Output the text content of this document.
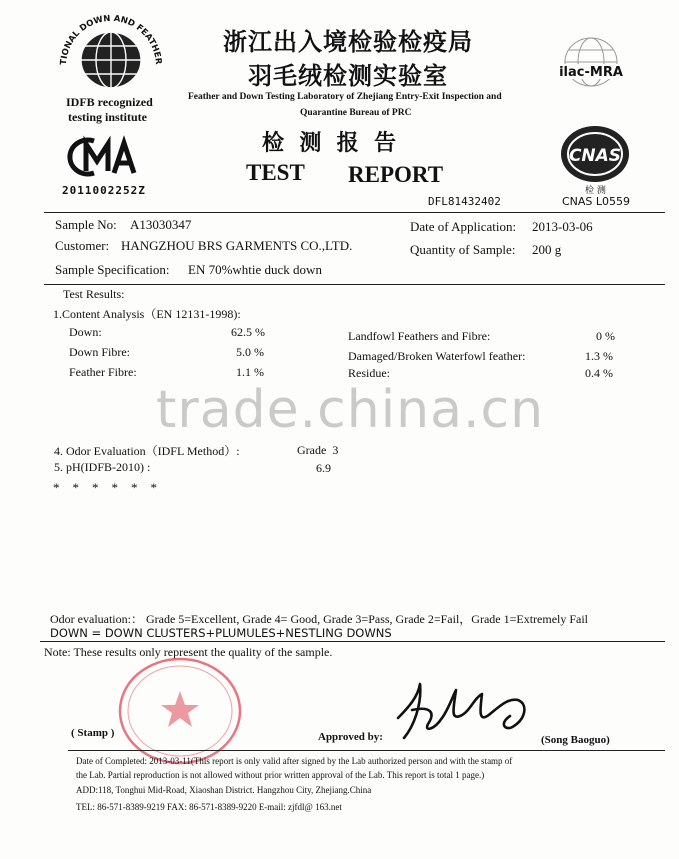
TIONAL DOWN AND FEATHER
IDFB recognized
testing institute
2011002252Z
浙江出入境检验检疫局
羽毛绒检测实验室
Feather and Down Testing Laboratory of Zhejiang Entry-Exit Inspection and
Quarantine Bureau of PRC
检  测  报  告
TEST REPORT
DFL81432402
ilac-MRA
CNAS
检 测
CNAS L0559
Sample No: A13030347	Date of Application: 2013-03-06
Customer: HANGZHOU BRS GARMENTS CO.,LTD.	Quantity of Sample: 200 g
Sample Specification: EN 70%whtie duck down
Test Results:
1.Content Analysis（EN 12131-1998):
Down:	62.5 %
Down Fibre:	5.0 %
Feather Fibre:	1.1 %
Landfowl Feathers and Fibre:	0 %
Damaged/Broken Waterfowl feather:	1.3 %
Residue:	0.4 %
trade.china.cn
4. Odor Evaluation（IDFL Method）:	Grade  3
5. pH(IDFB-2010) :	6.9
*    *    *    *    *    *
Odor evaluation:： Grade 5=Excellent, Grade 4= Good, Grade 3=Pass, Grade 2=Fail，Grade 1=Extremely Fail
DOWN = DOWN CLUSTERS+PLUMULES+NESTLING DOWNS
Note: These results only represent the quality of the sample.
( Stamp )	Approved by:	(Song Baoguo)
Date of Completed: 2013-03-11(This report is only valid after signed by the Lab authorized person and with the stamp of
the Lab. Partial reproduction is not allowed without prior written approval of the Lab. This report is total 1 page.)
ADD:118, Tonghui Mid-Road, Xiaoshan District. Hangzhou City, Zhejiang.China
TEL: 86-571-8389-9219 FAX: 86-571-8389-9220 E-mail: zjfdl@ 163.net
